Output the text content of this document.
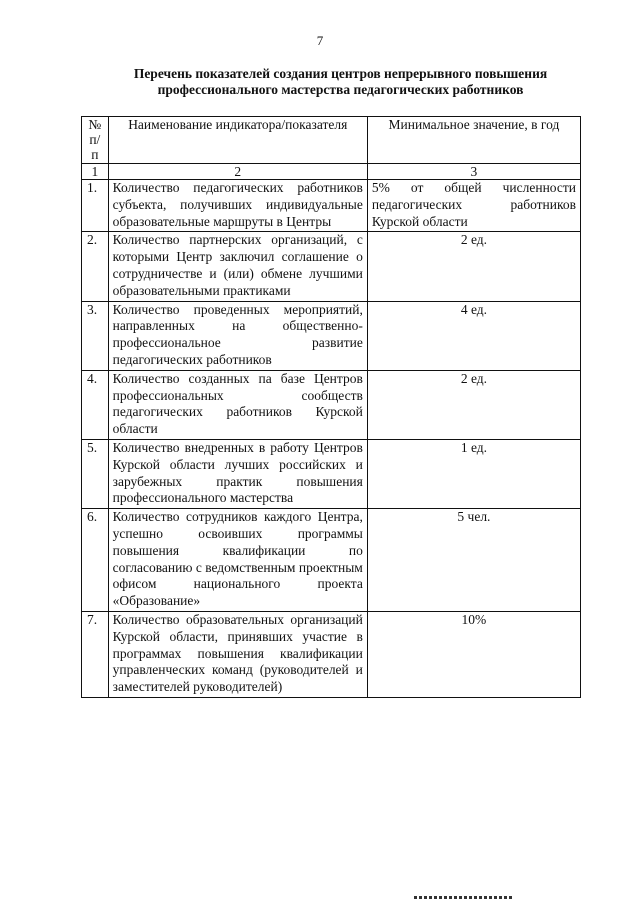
7
Перечень показателей создания центров непрерывного повышения профессионального мастерства педагогических работников
№ п/п	Наименование индикатора/показателя	Минимальное значение, в год
1	2	3
1.	Количество педагогических работников субъекта, получивших индивидуальные образовательные маршруты в Центры	5% от общей численности педагогических работников Курской области
2.	Количество партнерских организаций, с которыми Центр заключил соглашение о сотрудничестве и (или) обмене лучшими образовательными практиками	2 ед.
3.	Количество проведенных мероприятий, направленных на общественно-профессиональное развитие педагогических работников	4 ед.
4.	Количество созданных па базе Центров профессиональных сообществ педагогических работников Курской области	2 ед.
5.	Количество внедренных в работу Центров Курской области лучших российских и зарубежных практик повышения профессионального мастерства	1 ед.
6.	Количество сотрудников каждого Центра, успешно освоивших программы повышения квалификации по согласованию с ведомственным проектным офисом национального проекта «Образование»	5 чел.
7.	Количество образовательных организаций Курской области, принявших участие в программах повышения квалификации управленческих команд (руководителей и заместителей руководителей)	10%
